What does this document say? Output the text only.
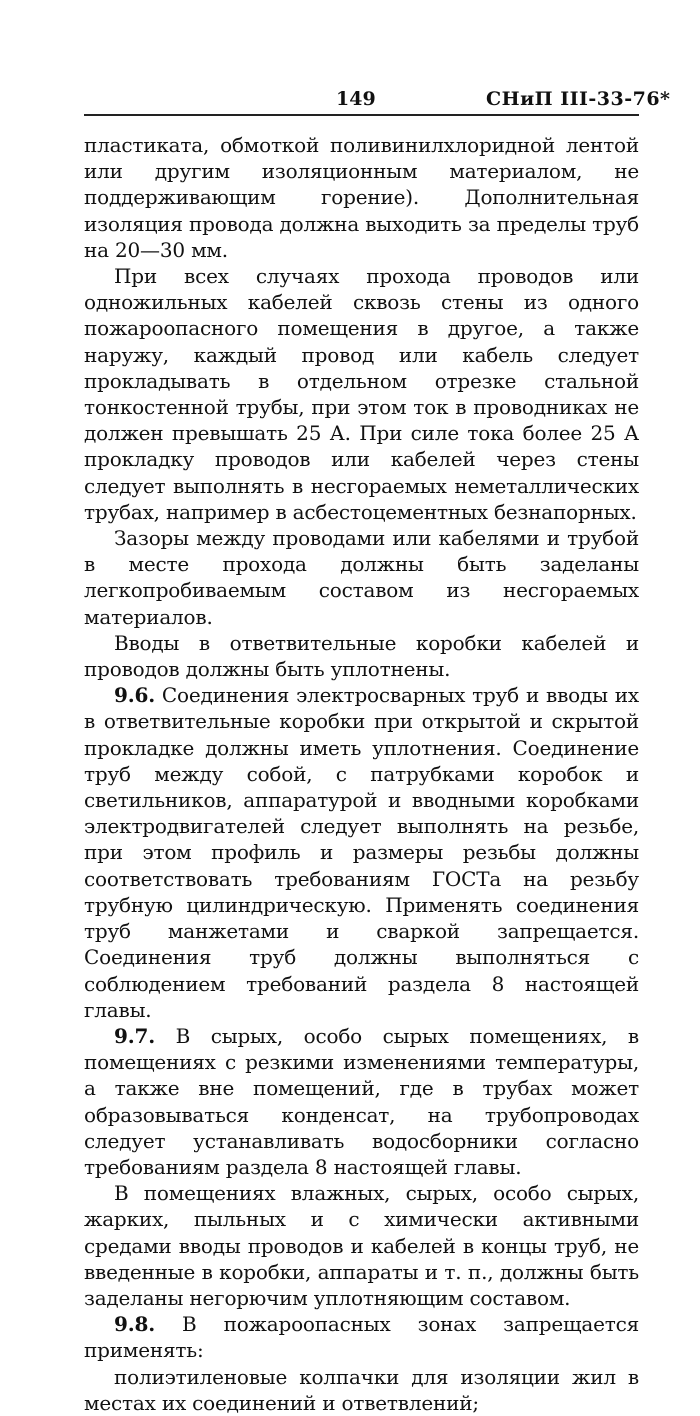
149	СНиП III-33-76*

пластиката, обмоткой поливинилхлоридной лентой или другим изоляционным материалом, не поддерживающим горение). Дополнительная изоляция провода должна выходить за пределы труб на 20—30 мм.

При всех случаях прохода проводов или одножильных кабелей сквозь стены из одного пожароопасного помещения в другое, а также наружу, каждый провод или кабель следует прокладывать в отдельном отрезке стальной тонкостенной трубы, при этом ток в проводниках не должен превышать 25 А. При силе тока более 25 А прокладку проводов или кабелей через стены следует выполнять в несгораемых неметаллических трубах, например в асбестоцементных безнапорных.

Зазоры между проводами или кабелями и трубой в месте прохода должны быть заделаны легкопробиваемым составом из несгораемых материалов.

Вводы в ответвительные коробки кабелей и проводов должны быть уплотнены.

9.6. Соединения электросварных труб и вводы их в ответвительные коробки при открытой и скрытой прокладке должны иметь уплотнения. Соединение труб между собой, с патрубками коробок и светильников, аппаратурой и вводными коробками электродвигателей следует выполнять на резьбе, при этом профиль и размеры резьбы должны соответствовать требованиям ГОСТа на резьбу трубную цилиндрическую. Применять соединения труб манжетами и сваркой запрещается. Соединения труб должны выполняться с соблюдением требований раздела 8 настоящей главы.

9.7. В сырых, особо сырых помещениях, в помещениях с резкими изменениями температуры, а также вне помещений, где в трубах может образовываться конденсат, на трубопроводах следует устанавливать водосборники согласно требованиям раздела 8 настоящей главы.

В помещениях влажных, сырых, особо сырых, жарких, пыльных и с химически активными средами вводы проводов и кабелей в концы труб, не введенные в коробки, аппараты и т. п., должны быть заделаны негорючим уплотняющим составом.

9.8. В пожароопасных зонах запрещается применять:

полиэтиленовые колпачки для изоляции жил в местах их соединений и ответвлений;
